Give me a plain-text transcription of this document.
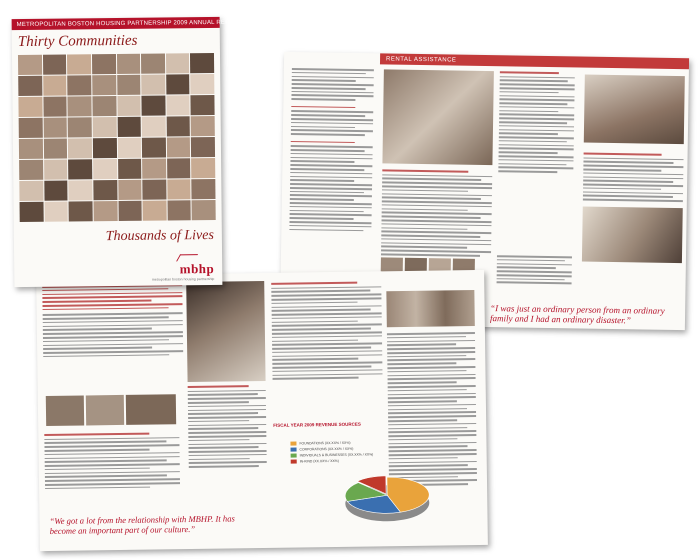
RENTAL ASSISTANCE
“I was just an ordinary person from an ordinary family and I had an ordinary disaster.”
FISCAL YEAR 2009 REVENUE SOURCES
FOUNDATIONS (XX.XX% / XX%)
CORPORATIONS (XX.XX% / XX%)
INDIVIDUALS & BUSINESSES (XX.XX% / XX%)
IN-KIND (XX.XX% / XX%)
“We got a lot from the relationship with MBHP. It has become an important part of our culture.”
METROPOLITAN BOSTON HOUSING PARTNERSHIP 2009 ANNUAL REPORT
Thirty Communities
Thousands of Lives
mbhp
metropolitan boston housing partnership
